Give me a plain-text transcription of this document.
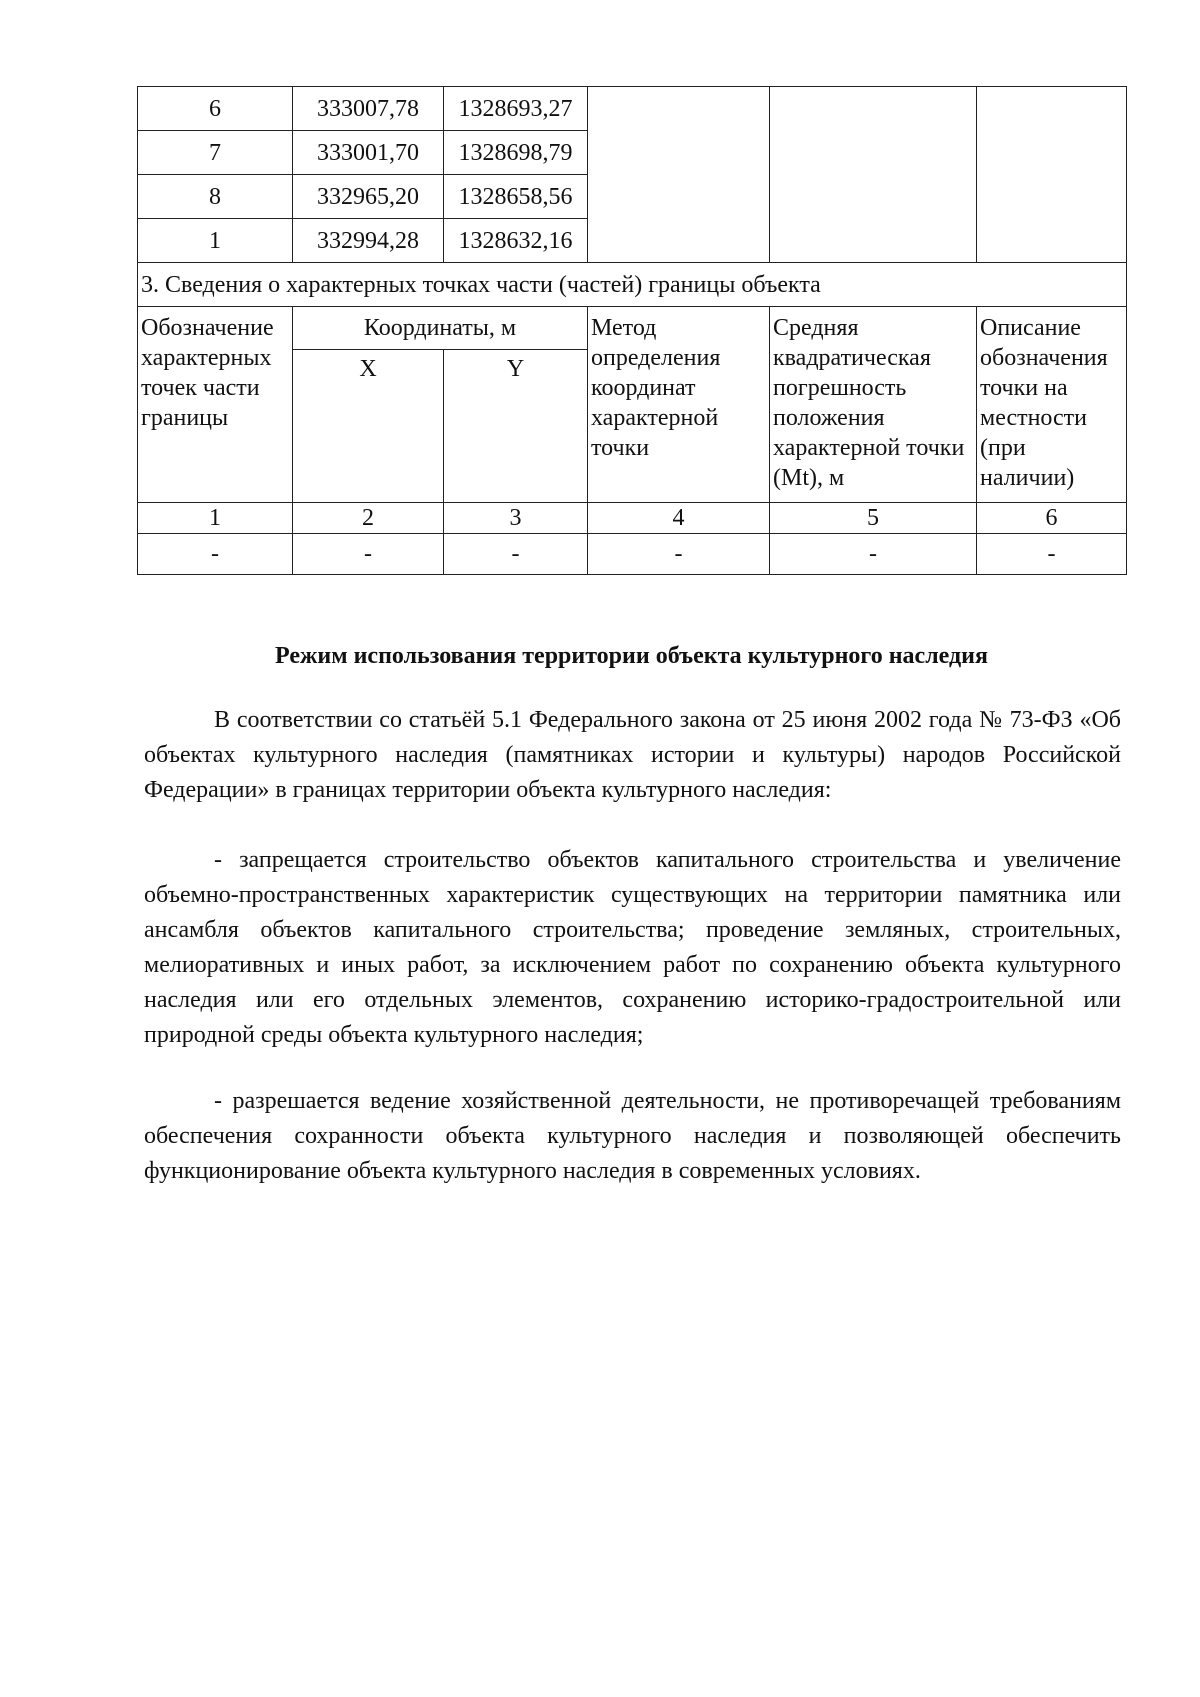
6	333007,78	1328693,27			
7	333001,70	1328698,79			
8	332965,20	1328658,56			
1	332994,28	1328632,16			
3. Сведения о характерных точках части (частей) границы объекта					
Обозначение характерных точек части границы	Координаты, м		Метод определения координат характерной точки	Средняя квадратическая погрешность положения характерной точки (Mt), м	Описание обозначения точки на местности (при наличии)
	X	Y			
1	2	3	4	5	6
-	-	-	-	-	-
Режим использования территории объекта культурного наследия

В соответствии со статьёй 5.1 Федерального закона от 25 июня 2002 года № 73-ФЗ «Об объектах культурного наследия (памятниках истории и культуры) народов Российской Федерации» в границах территории объекта культурного наследия:

- запрещается строительство объектов капитального строительства и увеличение объемно-пространственных характеристик существующих на территории памятника или ансамбля объектов капитального строительства; проведение земляных, строительных, мелиоративных и иных работ, за исключением работ по сохранению объекта культурного наследия или его отдельных элементов, сохранению историко-градостроительной или природной среды объекта культурного наследия;

- разрешается ведение хозяйственной деятельности, не противоречащей требованиям обеспечения сохранности объекта культурного наследия и позволяющей обеспечить функционирование объекта культурного наследия в современных условиях.
